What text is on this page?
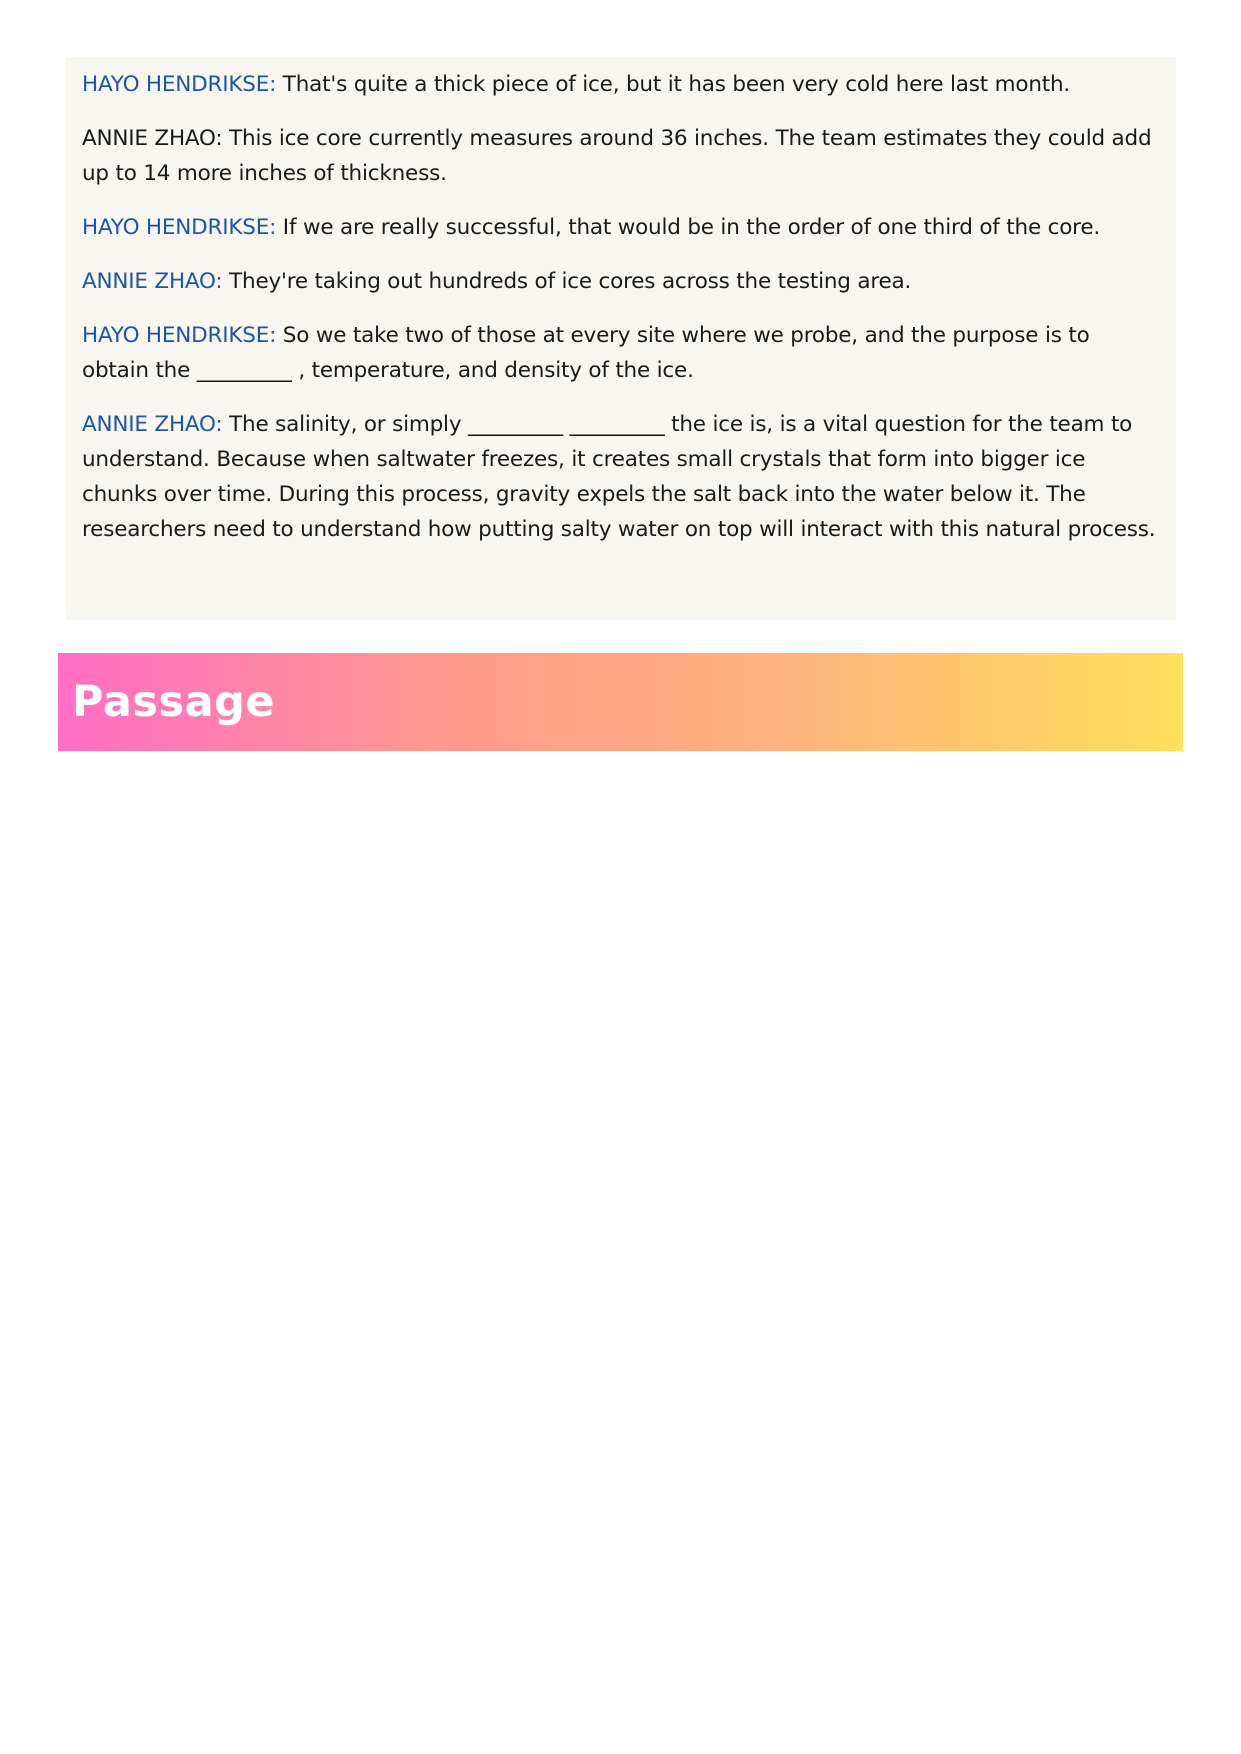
HAYO HENDRIKSE: That's quite a thick piece of ice, but it has been very cold here last month.

ANNIE ZHAO: This ice core currently measures around 36 inches. The team estimates they could add up to 14 more inches of thickness.

HAYO HENDRIKSE: If we are really successful, that would be in the order of one third of the core.

ANNIE ZHAO: They're taking out hundreds of ice cores across the testing area.

HAYO HENDRIKSE: So we take two of those at every site where we probe, and the purpose is to obtain the _________ , temperature, and density of the ice.

ANNIE ZHAO: The salinity, or simply _________ _________ the ice is, is a vital question for the team to understand. Because when saltwater freezes, it creates small crystals that form into bigger ice chunks over time. During this process, gravity expels the salt back into the water below it. The researchers need to understand how putting salty water on top will interact with this natural process.

Passage
